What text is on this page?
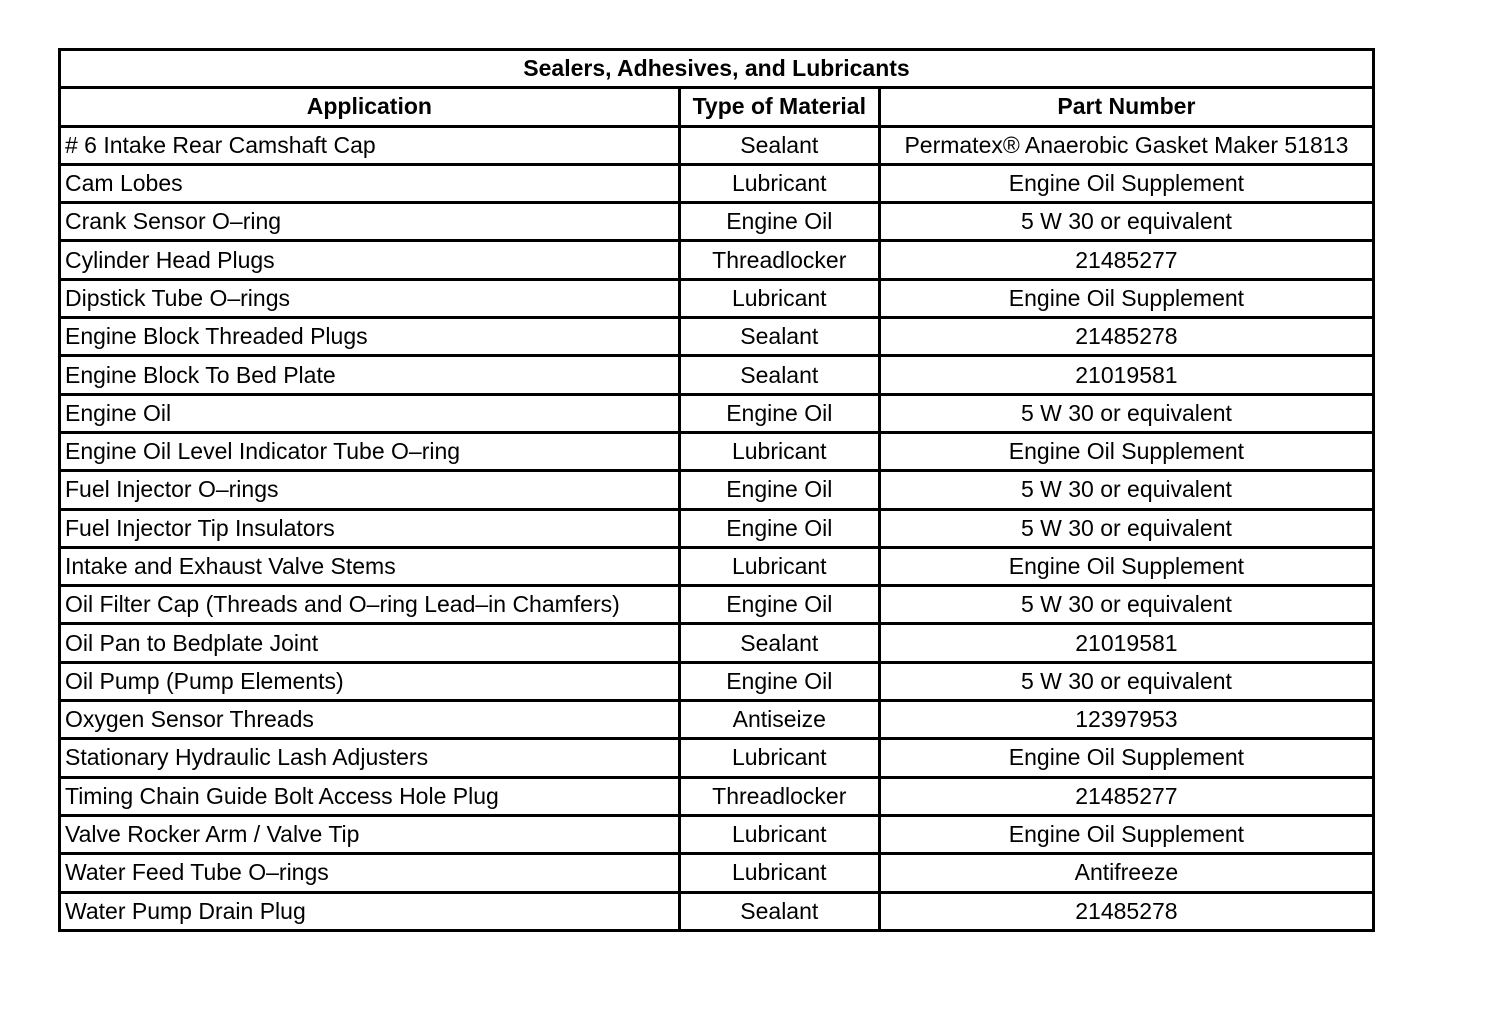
Sealers, Adhesives, and Lubricants		
Application	Type of Material	Part Number
# 6 Intake Rear Camshaft Cap	Sealant	Permatex® Anaerobic Gasket Maker 51813
Cam Lobes	Lubricant	Engine Oil Supplement
Crank Sensor O–ring	Engine Oil	5 W 30 or equivalent
Cylinder Head Plugs	Threadlocker	21485277
Dipstick Tube O–rings	Lubricant	Engine Oil Supplement
Engine Block Threaded Plugs	Sealant	21485278
Engine Block To Bed Plate	Sealant	21019581
Engine Oil	Engine Oil	5 W 30 or equivalent
Engine Oil Level Indicator Tube O–ring	Lubricant	Engine Oil Supplement
Fuel Injector O–rings	Engine Oil	5 W 30 or equivalent
Fuel Injector Tip Insulators	Engine Oil	5 W 30 or equivalent
Intake and Exhaust Valve Stems	Lubricant	Engine Oil Supplement
Oil Filter Cap (Threads and O–ring Lead–in Chamfers)	Engine Oil	5 W 30 or equivalent
Oil Pan to Bedplate Joint	Sealant	21019581
Oil Pump (Pump Elements)	Engine Oil	5 W 30 or equivalent
Oxygen Sensor Threads	Antiseize	12397953
Stationary Hydraulic Lash Adjusters	Lubricant	Engine Oil Supplement
Timing Chain Guide Bolt Access Hole Plug	Threadlocker	21485277
Valve Rocker Arm / Valve Tip	Lubricant	Engine Oil Supplement
Water Feed Tube O–rings	Lubricant	Antifreeze
Water Pump Drain Plug	Sealant	21485278
